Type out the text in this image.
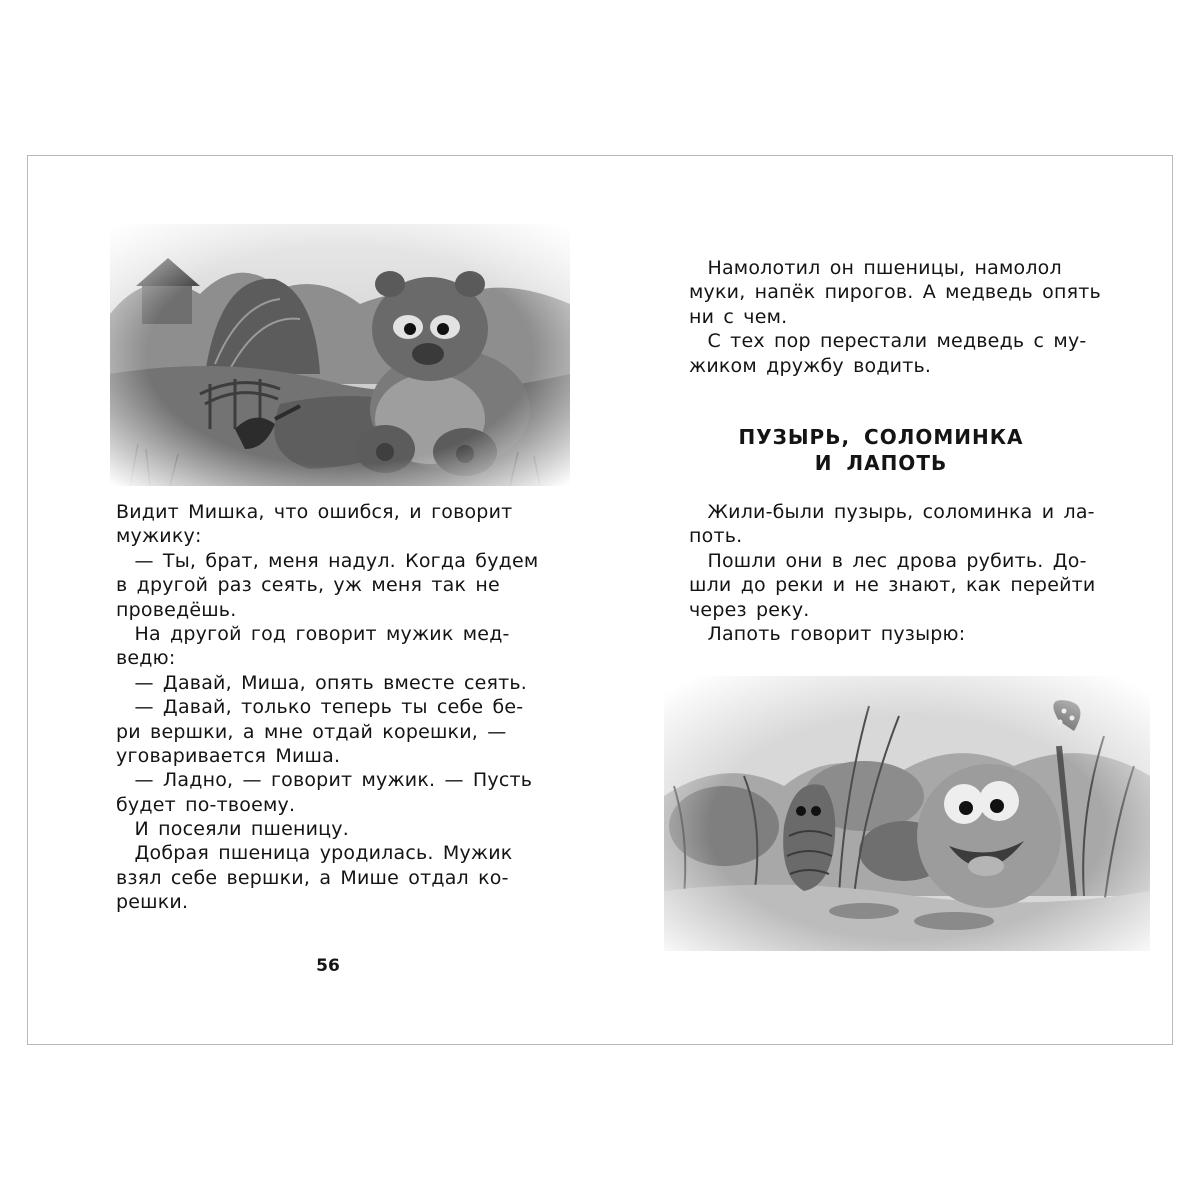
Видит Мишка, что ошибся, и говорит
мужику:
— Ты, брат, меня надул. Когда будем
в другой раз сеять, уж меня так не
проведёшь.
На другой год говорит мужик мед-
ведю:
— Давай, Миша, опять вместе сеять.
— Давай, только теперь ты себе бе-
ри вершки, а мне отдай корешки, —
уговаривается Миша.
— Ладно, — говорит мужик. — Пусть
будет по-твоему.
И посеяли пшеницу.
Добрая пшеница уродилась. Мужик
взял себе вершки, а Мише отдал ко-
решки.
56
Намолотил он пшеницы, намолол
муки, напёк пирогов. А медведь опять
ни с чем.
С тех пор перестали медведь с му-
жиком дружбу водить.
ПУЗЫРЬ, СОЛОМИНКА
И ЛАПОТЬ
Жили-были пузырь, соломинка и ла-
поть.
Пошли они в лес дрова рубить. До-
шли до реки и не знают, как перейти
через реку.
Лапоть говорит пузырю:
